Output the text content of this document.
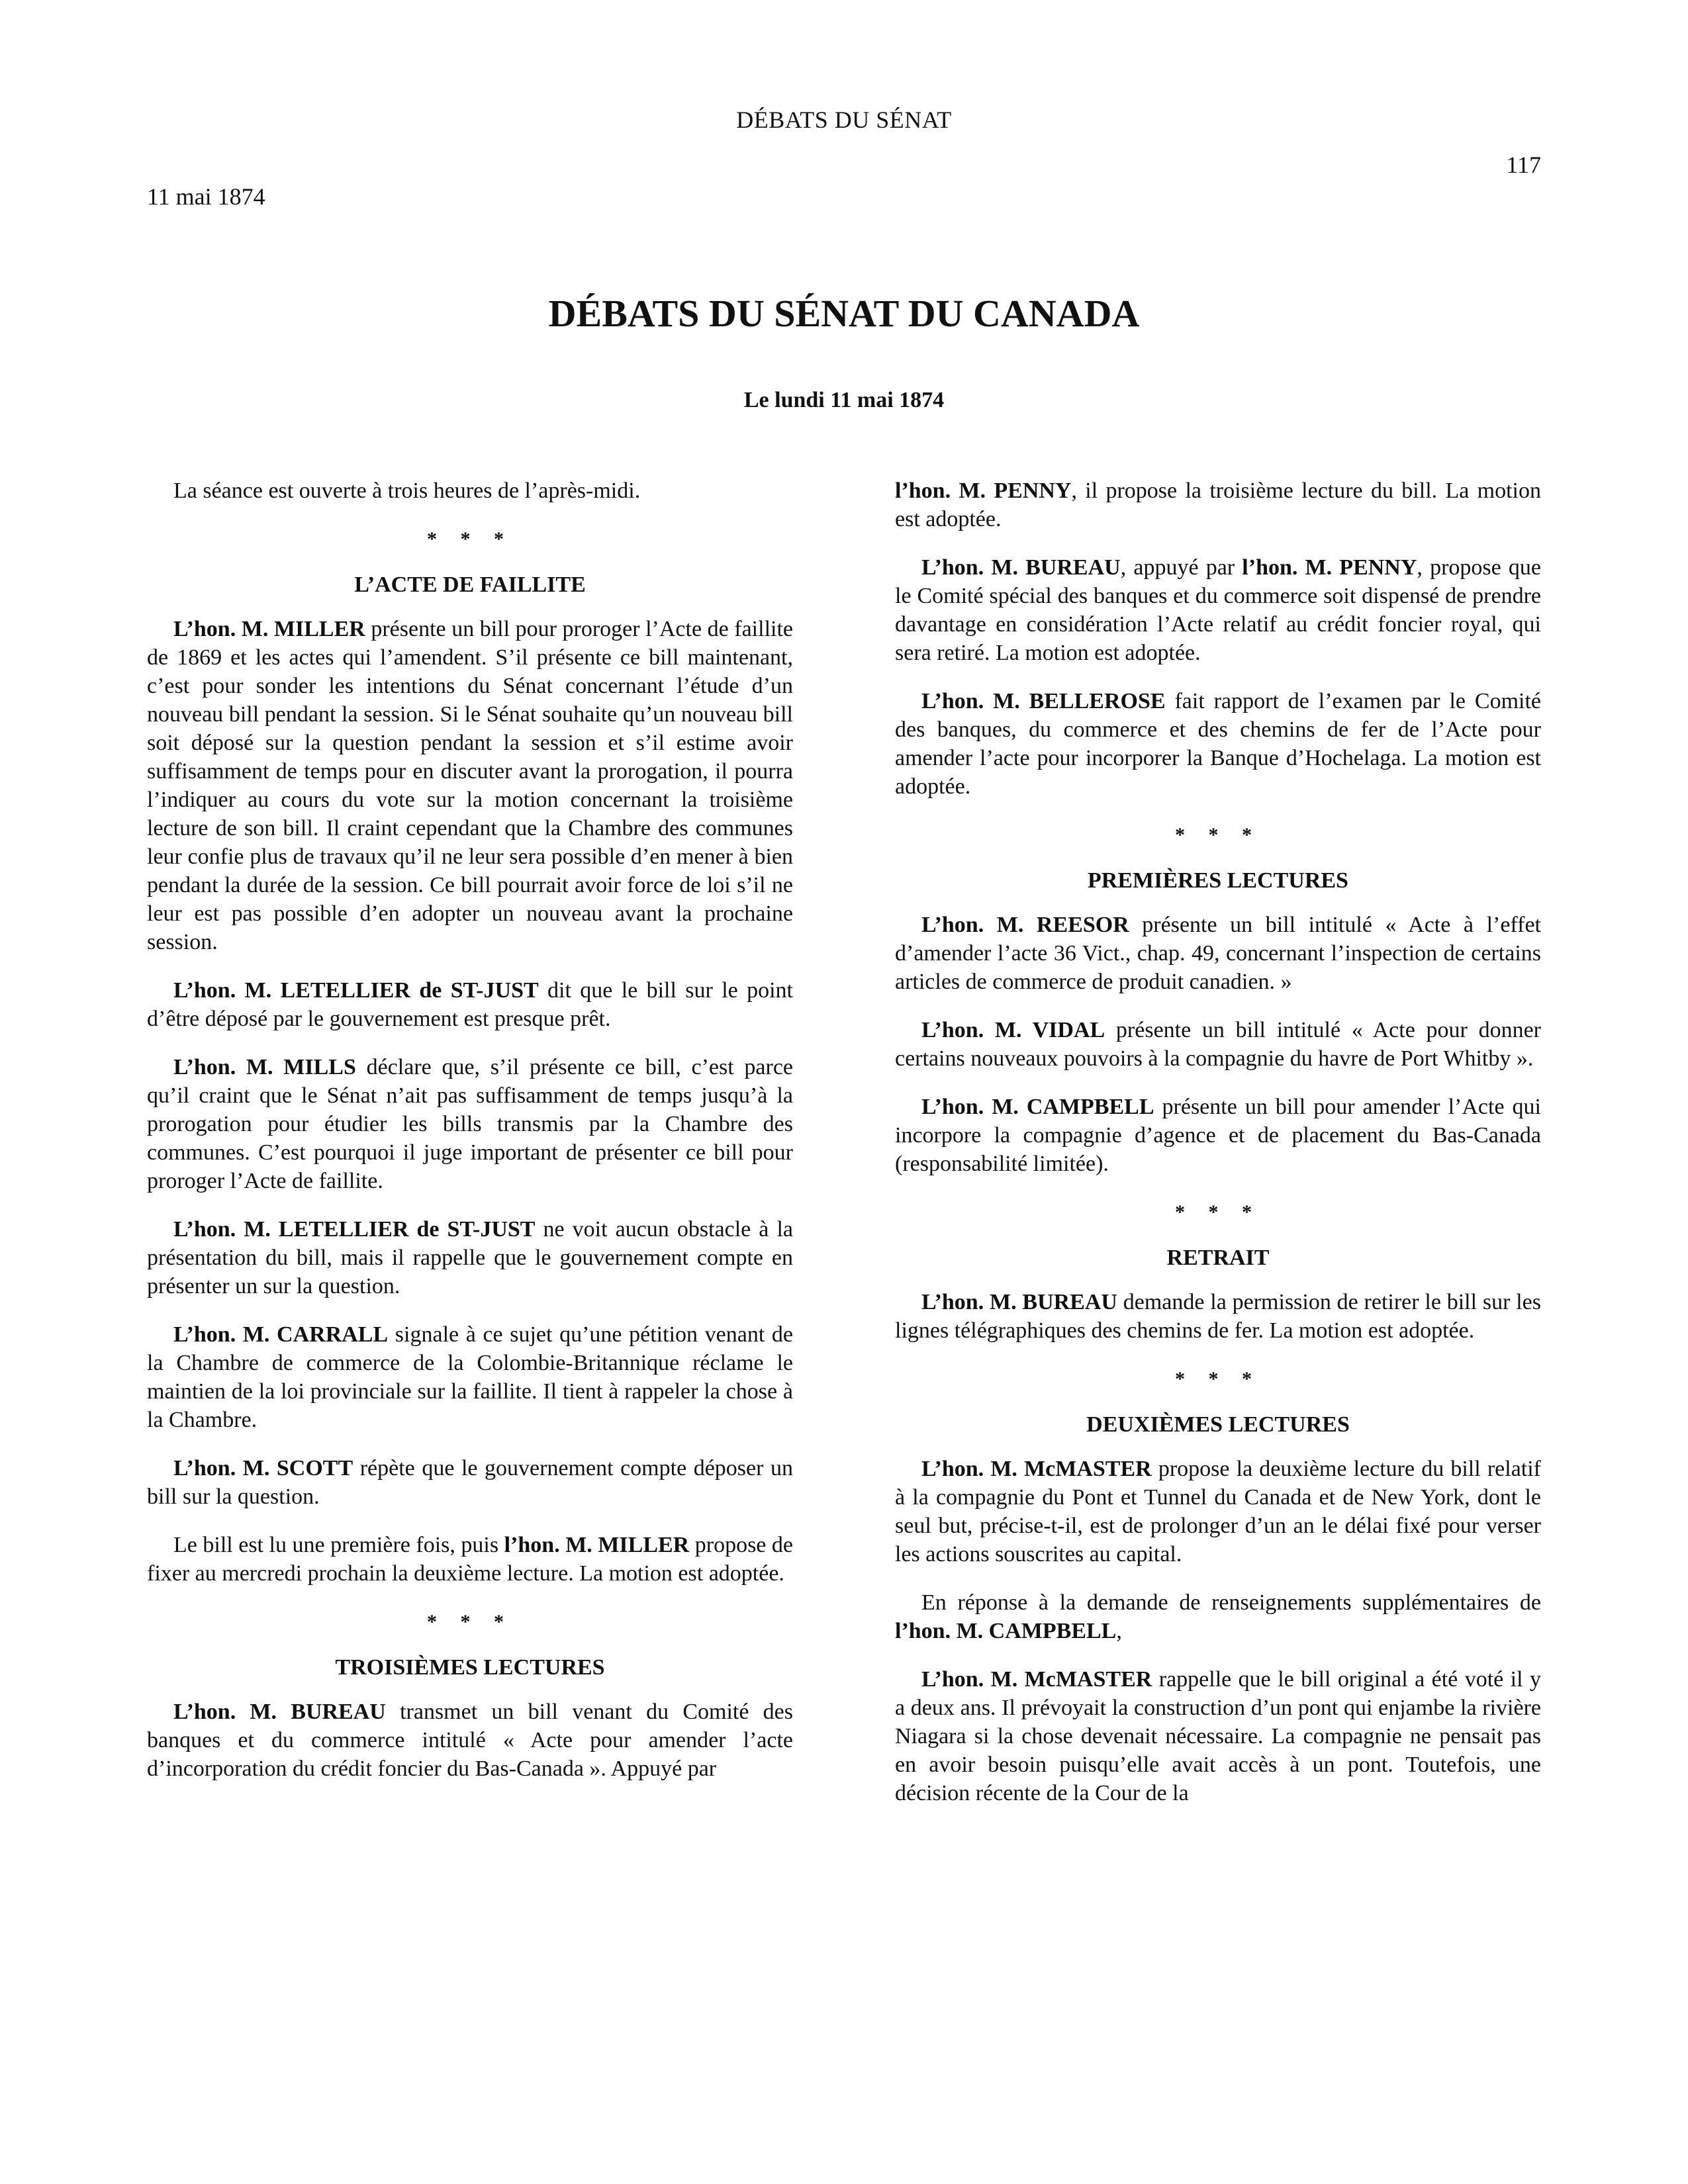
DÉBATS DU SÉNAT
117
11 mai 1874
DÉBATS DU SÉNAT DU CANADA
Le lundi 11 mai 1874

La séance est ouverte à trois heures de l’après-midi.

* * *
L’ACTE DE FAILLITE

L’hon. M. MILLER présente un bill pour proroger l’Acte de faillite de 1869 et les actes qui l’amendent. S’il présente ce bill maintenant, c’est pour sonder les intentions du Sénat concernant l’étude d’un nouveau bill pendant la session. Si le Sénat souhaite qu’un nouveau bill soit déposé sur la question pendant la session et s’il estime avoir suffisamment de temps pour en discuter avant la prorogation, il pourra l’indiquer au cours du vote sur la motion concernant la troisième lecture de son bill. Il craint cependant que la Chambre des communes leur confie plus de travaux qu’il ne leur sera possible d’en mener à bien pendant la durée de la session. Ce bill pourrait avoir force de loi s’il ne leur est pas possible d’en adopter un nouveau avant la prochaine session.

L’hon. M. LETELLIER de ST-JUST dit que le bill sur le point d’être déposé par le gouvernement est presque prêt.

L’hon. M. MILLS déclare que, s’il présente ce bill, c’est parce qu’il craint que le Sénat n’ait pas suffisamment de temps jusqu’à la prorogation pour étudier les bills transmis par la Chambre des communes. C’est pourquoi il juge important de présenter ce bill pour proroger l’Acte de faillite.

L’hon. M. LETELLIER de ST-JUST ne voit aucun obstacle à la présentation du bill, mais il rappelle que le gouvernement compte en présenter un sur la question.

L’hon. M. CARRALL signale à ce sujet qu’une pétition venant de la Chambre de commerce de la Colombie-Britannique réclame le maintien de la loi provinciale sur la faillite. Il tient à rappeler la chose à la Chambre.

L’hon. M. SCOTT répète que le gouvernement compte déposer un bill sur la question.

Le bill est lu une première fois, puis l’hon. M. MILLER propose de fixer au mercredi prochain la deuxième lecture. La motion est adoptée.

* * *
TROISIÈMES LECTURES

L’hon. M. BUREAU transmet un bill venant du Comité des banques et du commerce intitulé « Acte pour amender l’acte d’incorporation du crédit foncier du Bas-Canada ». Appuyé par

l’hon. M. PENNY, il propose la troisième lecture du bill. La motion est adoptée.

L’hon. M. BUREAU, appuyé par l’hon. M. PENNY, propose que le Comité spécial des banques et du commerce soit dispensé de prendre davantage en considération l’Acte relatif au crédit foncier royal, qui sera retiré. La motion est adoptée.

L’hon. M. BELLEROSE fait rapport de l’examen par le Comité des banques, du commerce et des chemins de fer de l’Acte pour amender l’acte pour incorporer la Banque d’Hochelaga. La motion est adoptée.

* * *
PREMIÈRES LECTURES

L’hon. M. REESOR présente un bill intitulé « Acte à l’effet d’amender l’acte 36 Vict., chap. 49, concernant l’inspection de certains articles de commerce de produit canadien. »

L’hon. M. VIDAL présente un bill intitulé « Acte pour donner certains nouveaux pouvoirs à la compagnie du havre de Port Whitby ».

L’hon. M. CAMPBELL présente un bill pour amender l’Acte qui incorpore la compagnie d’agence et de placement du Bas-Canada (responsabilité limitée).

* * *
RETRAIT

L’hon. M. BUREAU demande la permission de retirer le bill sur les lignes télégraphiques des chemins de fer. La motion est adoptée.

* * *
DEUXIÈMES LECTURES

L’hon. M. McMASTER propose la deuxième lecture du bill relatif à la compagnie du Pont et Tunnel du Canada et de New York, dont le seul but, précise-t-il, est de prolonger d’un an le délai fixé pour verser les actions souscrites au capital.

En réponse à la demande de renseignements supplémentaires de l’hon. M. CAMPBELL,

L’hon. M. McMASTER rappelle que le bill original a été voté il y a deux ans. Il prévoyait la construction d’un pont qui enjambe la rivière Niagara si la chose devenait nécessaire. La compagnie ne pensait pas en avoir besoin puisqu’elle avait accès à un pont. Toutefois, une décision récente de la Cour de la
